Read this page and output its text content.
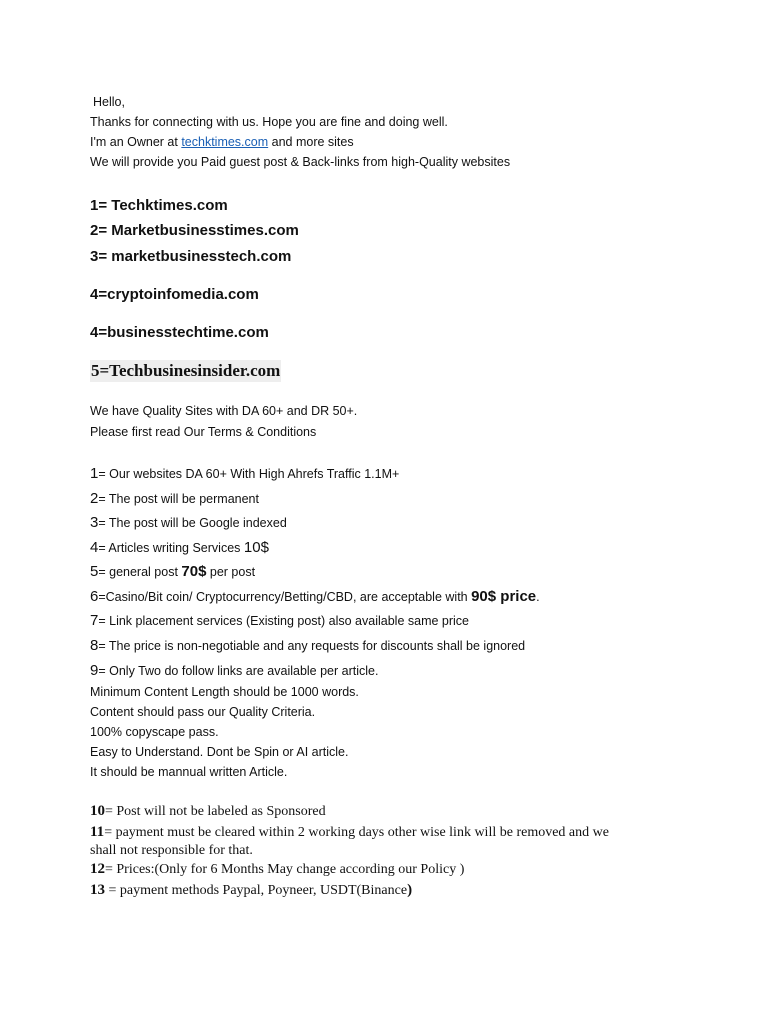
Hello,
Thanks for connecting with us. Hope you are fine and doing well.
I'm an Owner at techktimes.com and more sites
We will provide you Paid guest post & Back-links from high-Quality websites
1= Techktimes.com
2= Marketbusinesstimes.com
3= marketbusinesstech.com
4=cryptoinfomedia.com
4=businesstechtime.com
5=Techbusinesinsider.com
We have Quality Sites with DA 60+ and DR 50+.
Please first read Our Terms & Conditions
1= Our websites DA 60+ With High Ahrefs Traffic 1.1M+
2= The post will be permanent
3= The post will be Google indexed
4= Articles writing Services 10$
5= general post 70$ per post
6=Casino/Bit coin/ Cryptocurrency/Betting/CBD, are acceptable with 90$ price.
7= Link placement services (Existing post) also available same price
8= The price is non-negotiable and any requests for discounts shall be ignored
9= Only Two do follow links are available per article.
Minimum Content Length should be 1000 words.
Content should pass our Quality Criteria.
100% copyscape pass.
Easy to Understand. Dont be Spin or AI article.
It should be mannual written Article.
10= Post will not be labeled as Sponsored
11= payment must be cleared within 2 working days other wise link will be removed and we
shall not responsible for that.
12= Prices:(Only for 6 Months May change according our Policy )
13 = payment methods Paypal, Poyneer, USDT(Binance)
